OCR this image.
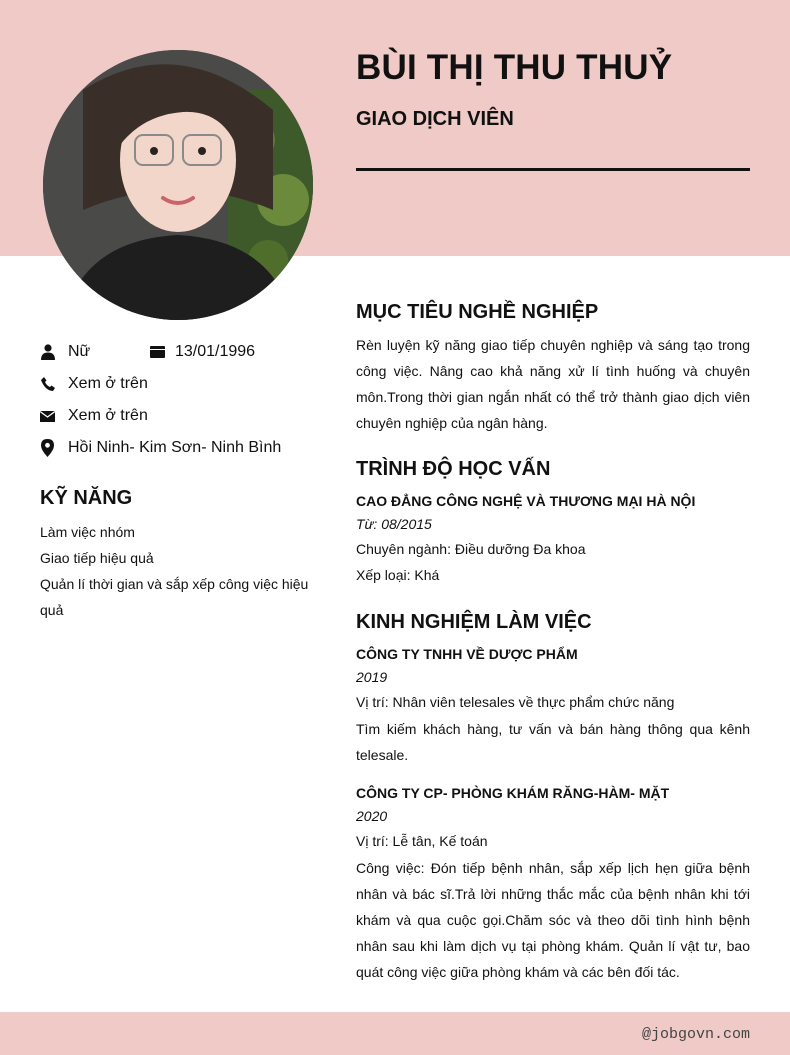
BÙI THỊ THU THUỶ
GIAO DỊCH VIÊN
Nữ	13/01/1996
Xem ở trên
Xem ở trên
Hồi Ninh- Kim Sơn- Ninh Bình
KỸ NĂNG
Làm việc nhóm
Giao tiếp hiệu quả
Quản lí thời gian và sắp xếp công việc hiệu quả
MỤC TIÊU NGHỀ NGHIỆP

Rèn luyện kỹ năng giao tiếp chuyên nghiệp và sáng tạo trong công việc. Nâng cao khả năng xử lí tình huống và chuyên môn.Trong thời gian ngắn nhất có thể trở thành giao dịch viên chuyên nghiệp của ngân hàng.

TRÌNH ĐỘ HỌC VẤN

CAO ĐẲNG CÔNG NGHỆ VÀ THƯƠNG MẠI HÀ NỘI

Từ: 08/2015

Chuyên ngành: Điều dưỡng Đa khoa

Xếp loại: Khá

KINH NGHIỆM LÀM VIỆC

CÔNG TY TNHH VỀ DƯỢC PHẨM

2019

Vị trí: Nhân viên telesales về thực phẩm chức năng

Tìm kiếm khách hàng, tư vấn và bán hàng thông qua kênh telesale.

CÔNG TY CP- PHÒNG KHÁM RĂNG-HÀM- MẶT

2020

Vị trí: Lễ tân, Kế toán

Công việc: Đón tiếp bệnh nhân, sắp xếp lịch hẹn giữa bệnh nhân và bác sĩ.Trả lời những thắc mắc của bệnh nhân khi tới khám và qua cuộc gọi.Chăm sóc và theo dõi tình hình bệnh nhân sau khi làm dịch vụ tại phòng khám. Quản lí vật tư, bao quát công việc giữa phòng khám và các bên đối tác.

@jobgovn.com
